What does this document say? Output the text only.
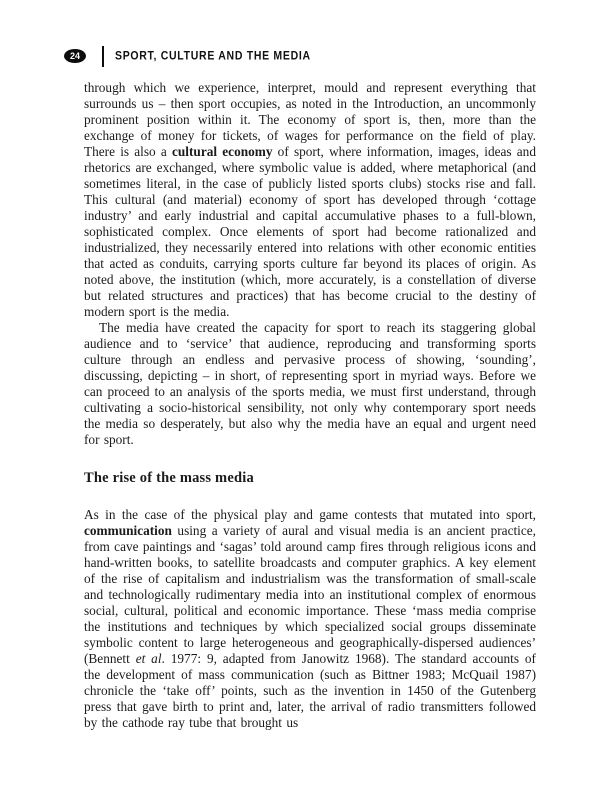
24	SPORT, CULTURE AND THE MEDIA

through which we experience, interpret, mould and represent everything that surrounds us – then sport occupies, as noted in the Introduction, an uncommonly prominent position within it. The economy of sport is, then, more than the exchange of money for tickets, of wages for performance on the field of play. There is also a cultural economy of sport, where information, images, ideas and rhetorics are exchanged, where symbolic value is added, where metaphorical (and sometimes literal, in the case of publicly listed sports clubs) stocks rise and fall. This cultural (and material) economy of sport has developed through ‘cottage industry’ and early industrial and capital accumulative phases to a full-blown, sophisticated complex. Once elements of sport had become rationalized and industrialized, they necessarily entered into relations with other economic entities that acted as conduits, carrying sports culture far beyond its places of origin. As noted above, the institution (which, more accurately, is a constellation of diverse but related structures and practices) that has become crucial to the destiny of modern sport is the media.

The media have created the capacity for sport to reach its staggering global audience and to ‘service’ that audience, reproducing and transforming sports culture through an endless and pervasive process of showing, ‘sounding’, discussing, depicting – in short, of representing sport in myriad ways. Before we can proceed to an analysis of the sports media, we must first understand, through cultivating a socio-historical sensibility, not only why contemporary sport needs the media so desperately, but also why the media have an equal and urgent need for sport.

The rise of the mass media

As in the case of the physical play and game contests that mutated into sport, communication using a variety of aural and visual media is an ancient practice, from cave paintings and ‘sagas’ told around camp fires through religious icons and hand-written books, to satellite broadcasts and computer graphics. A key element of the rise of capitalism and industrialism was the transformation of small-scale and technologically rudimentary media into an institutional complex of enormous social, cultural, political and economic importance. These ‘mass media comprise the institutions and techniques by which specialized social groups disseminate symbolic content to large heterogeneous and geographically-dispersed audiences’ (Bennett et al. 1977: 9, adapted from Janowitz 1968). The standard accounts of the development of mass communication (such as Bittner 1983; McQuail 1987) chronicle the ‘take off’ points, such as the invention in 1450 of the Gutenberg press that gave birth to print and, later, the arrival of radio transmitters followed by the cathode ray tube that brought us
